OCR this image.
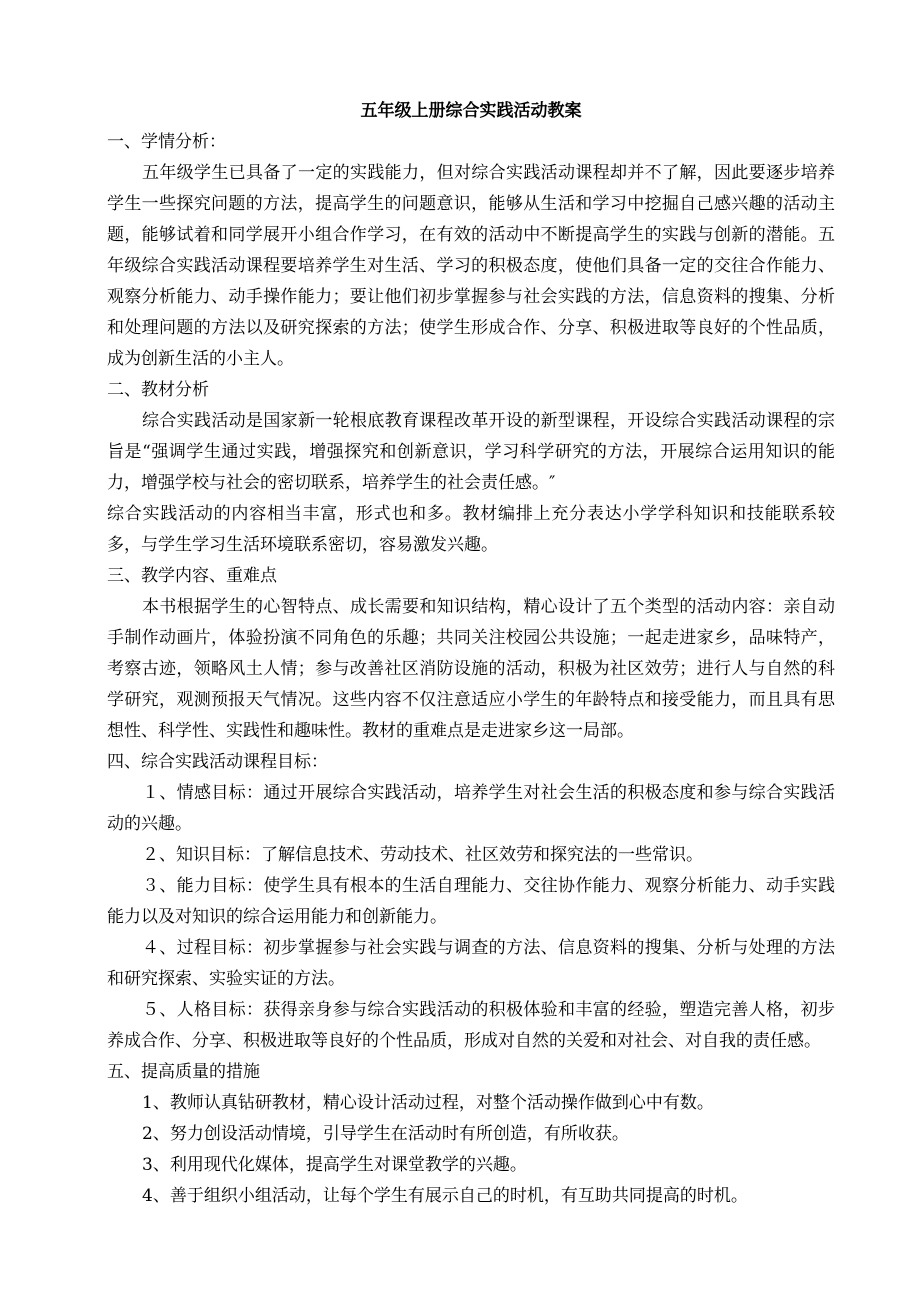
五年级上册综合实践活动教案

一、学情分析：

五年级学生已具备了一定的实践能力，但对综合实践活动课程却并不了解，因此要逐步培养学生一些探究问题的方法，提高学生的问题意识，能够从生活和学习中挖掘自己感兴趣的活动主题，能够试着和同学展开小组合作学习，在有效的活动中不断提高学生的实践与创新的潜能。五年级综合实践活动课程要培养学生对生活、学习的积极态度，使他们具备一定的交往合作能力、观察分析能力、动手操作能力；要让他们初步掌握参与社会实践的方法，信息资料的搜集、分析和处理问题的方法以及研究探索的方法；使学生形成合作、分享、积极进取等良好的个性品质，成为创新生活的小主人。

二、教材分析

综合实践活动是国家新一轮根底教育课程改革开设的新型课程，开设综合实践活动课程的宗旨是“强调学生通过实践，增强探究和创新意识，学习科学研究的方法，开展综合运用知识的能力，增强学校与社会的密切联系，培养学生的社会责任感。″

综合实践活动的内容相当丰富，形式也和多。教材编排上充分表达小学学科知识和技能联系较多，与学生学习生活环境联系密切，容易激发兴趣。

三、教学内容、重难点

本书根据学生的心智特点、成长需要和知识结构，精心设计了五个类型的活动内容：亲自动手制作动画片，体验扮演不同角色的乐趣；共同关注校园公共设施；一起走进家乡，品味特产，考察古迹，领略风土人情；参与改善社区消防设施的活动，积极为社区效劳；进行人与自然的科学研究，观测预报天气情况。这些内容不仅注意适应小学生的年龄特点和接受能力，而且具有思想性、科学性、实践性和趣味性。教材的重难点是走进家乡这一局部。

四、综合实践活动课程目标：

１、情感目标：通过开展综合实践活动，培养学生对社会生活的积极态度和参与综合实践活动的兴趣。

２、知识目标：了解信息技术、劳动技术、社区效劳和探究法的一些常识。

３、能力目标：使学生具有根本的生活自理能力、交往协作能力、观察分析能力、动手实践能力以及对知识的综合运用能力和创新能力。

４、过程目标：初步掌握参与社会实践与调查的方法、信息资料的搜集、分析与处理的方法和研究探索、实验实证的方法。

５、人格目标：获得亲身参与综合实践活动的积极体验和丰富的经验，塑造完善人格，初步养成合作、分享、积极进取等良好的个性品质，形成对自然的关爱和对社会、对自我的责任感。

五、提高质量的措施

1、教师认真钻研教材，精心设计活动过程，对整个活动操作做到心中有数。

2、努力创设活动情境，引导学生在活动时有所创造，有所收获。

3、利用现代化媒体，提高学生对课堂教学的兴趣。

4、善于组织小组活动，让每个学生有展示自己的时机，有互助共同提高的时机。
